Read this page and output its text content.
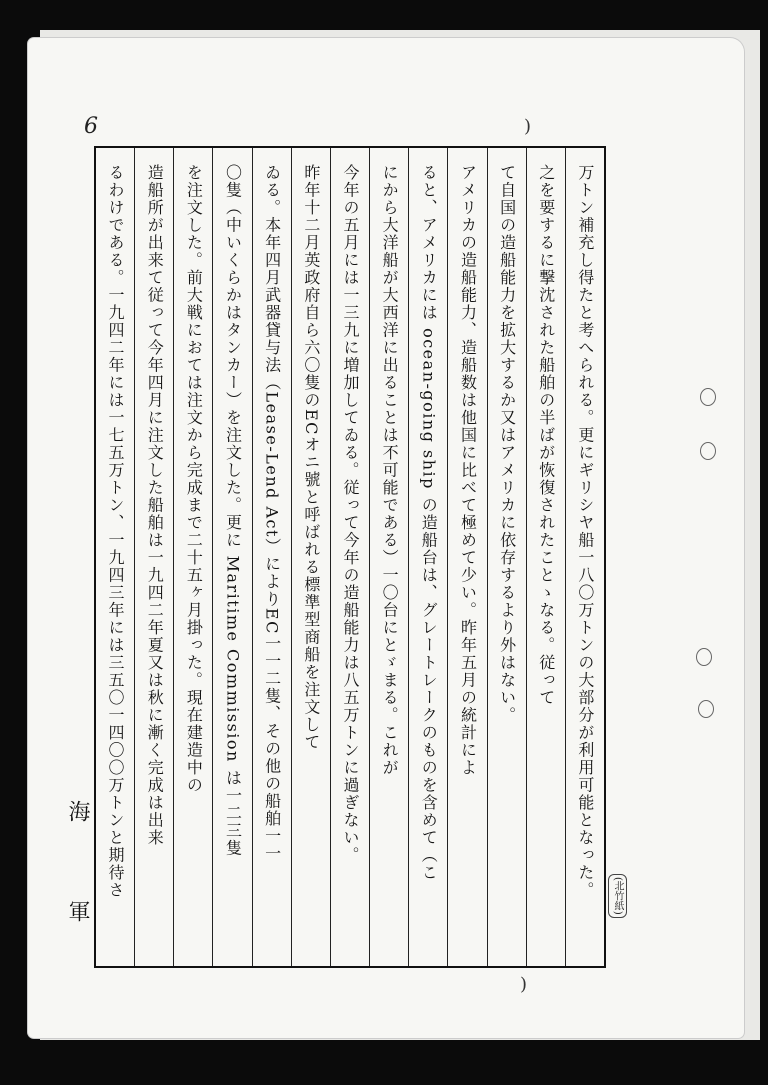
6
万トン補充し得たと考へられる。更にギリシヤ船一八〇万トンの大部分が利用可能となった。
之を要するに撃沈された船舶の半ばが恢復されたことゝなる。従って
て自国の造船能力を拡大するか又はアメリカに依存するより外はない。
アメリカの造船能力、造船数は他国に比べて極めて少い。昨年五月の統計によ
ると、アメリカには ocean-going ship の造船台は、グレートレークのものを含めて（こ
にから大洋船が大西洋に出ることは不可能である）一〇台にとゞまる。これが
今年の五月には一三九に増加してゐる。従って今年の造船能力は八五万トンに過ぎない。
昨年十二月英政府自ら六〇隻のECオニ號と呼ばれる標準型商船を注文して
ゐる。本年四月武器貸与法（Lease-Lend Act）によりEC一一二隻、その他の船舶一一
〇隻（中いくらかはタンカー）を注文した。更に Maritime Commission は一二三隻
を注文した。前大戦におては注文から完成まで二十五ヶ月掛った。現在建造中の
造船所が出来て従って今年四月に注文した船舶は一九四二年夏又は秋に漸く完成は出来
るわけである。一九四二年には一七五万トン、一九四三年には三五〇一四〇〇万トンと期待さ	(北竹紙)
海
軍
)
)
